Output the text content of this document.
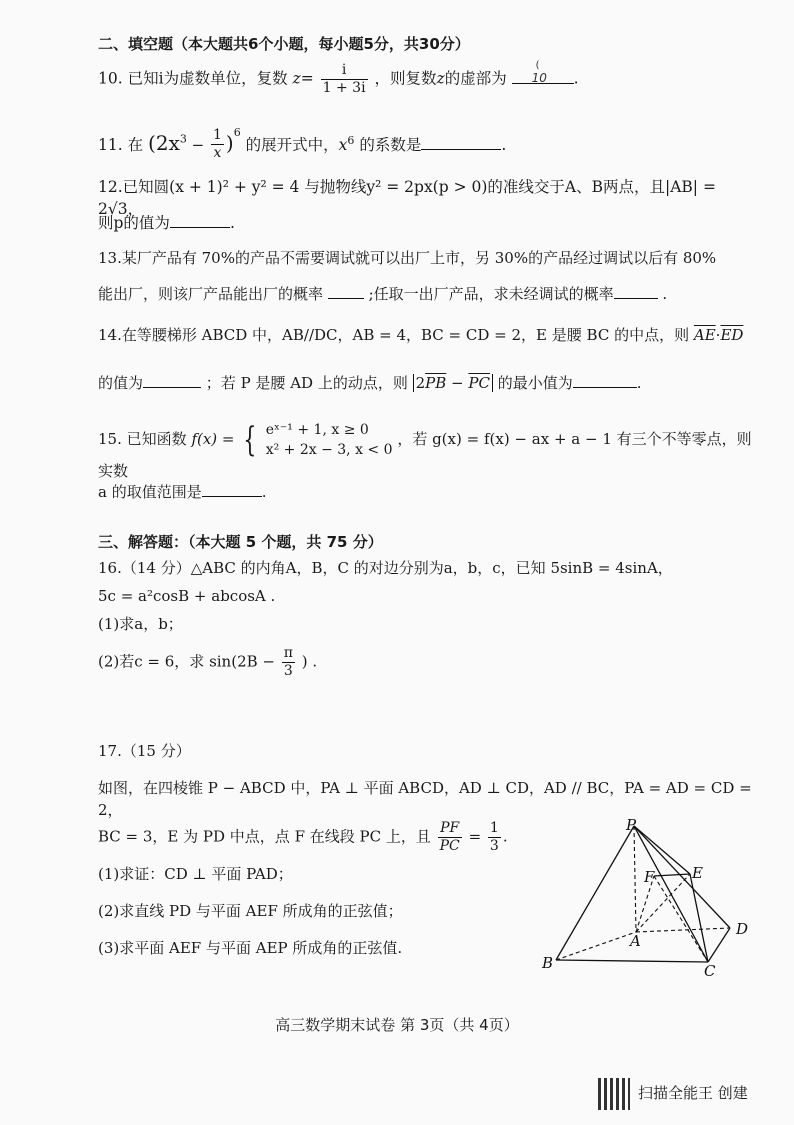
二、填空题（本大题共6个小题，每小题5分，共30分）
10. 已知i为虚数单位，复数 $z= \frac{i}{1 + 3i}$ ，则复数z的虚部为
(
10 .
11. 在 $(2x^3 - \frac{1}{x} )^6$ 的展开式中，$x^6$ 的系数是	.
12.已知圆(x + 1)² + y² = 4 与抛物线y² = 2px(p > 0)的准线交于A、B两点，且|AB| = 2√3，
则p的值为	.
13.某厂产品有 70%的产品不需要调试就可以出厂上市，另 30%的产品经过调试以后有 80%
能出厂，则该厂产品能出厂的概率	;任取一出厂产品，求未经调试的概率	.
14.在等腰梯形 ABCD 中，AB//DC，AB = 4，BC = CD = 2，E 是腰 BC 的中点，则 $\overline{AE}\cdot\overline{ED}$
的值为	；若 P 是腰 AD 上的动点，则 $2\overline{PB} - \overline{PC}$ 的最小值为	.
15. 已知函数 f(x) = { eˣ⁻¹ + 1, x ≥ 0
x² + 2x − 3, x < 0
，若 g(x) = f(x) − ax + a − 1 有三个不等零点，则实数
a 的取值范围是	.
三、解答题：（本大题 5 个题，共 75 分）
16.（14 分）△ABC 的内角A，B，C 的对边分别为a，b，c，已知 5sinB = 4sinA，
5c = a²cosB + abcosA .
(1)求a，b；
(2)若c = 6，求 $\sin(2B - \frac{\pi}{3}$ ) .
17.（15 分）
如图，在四棱锥 P − ABCD 中，PA ⊥ 平面 ABCD，AD ⊥ CD，AD // BC，PA = AD = CD = 2，
BC = 3，E 为 PD 中点，点 F 在线段 PC 上，且 $\frac{PF}{PC} = \frac{1}{3}$ .
(1)求证：CD ⊥ 平面 PAD；
(2)求直线 PD 与平面 AEF 所成角的正弦值；
(3)求平面 AEF 与平面 AEP 所成角的正弦值.
P
E
F
A
D
B	C
高三数学期末试卷 第 3页（共 4页）
扫描全能王 创建
